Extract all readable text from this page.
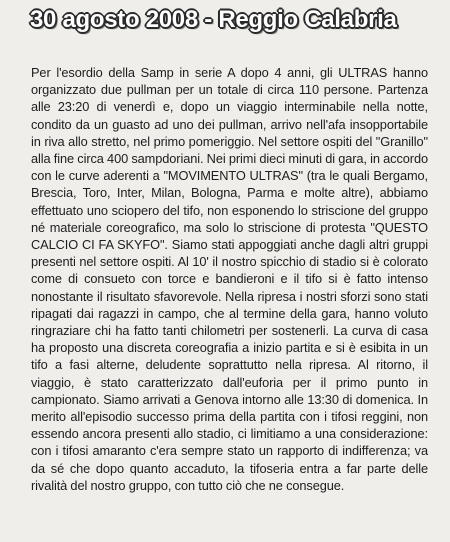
30 agosto 2008 - Reggio Calabria

Per l'esordio della Samp in serie A dopo 4 anni, gli ULTRAS hanno organizzato due pullman per un totale di circa 110 persone. Partenza alle 23:20 di venerdì e, dopo un viaggio interminabile nella notte, condito da un guasto ad uno dei pullman, arrivo nell'afa insopportabile in riva allo stretto, nel primo pomeriggio. Nel settore ospiti del "Granillo" alla fine circa 400 sampdoriani. Nei primi dieci minuti di gara, in accordo con le curve aderenti a "MOVIMENTO ULTRAS" (tra le quali Bergamo, Brescia, Toro, Inter, Milan, Bologna, Parma e molte altre), abbiamo effettuato uno sciopero del tifo, non esponendo lo striscione del gruppo né materiale coreografico, ma solo lo striscione di protesta "QUESTO CALCIO CI FA SKYFO". Siamo stati appoggiati anche dagli altri gruppi presenti nel settore ospiti. Al 10' il nostro spicchio di stadio si è colorato come di consueto con torce e bandieroni e il tifo si è fatto intenso nonostante il risultato sfavorevole. Nella ripresa i nostri sforzi sono stati ripagati dai ragazzi in campo, che al termine della gara, hanno voluto ringraziare chi ha fatto tanti chilometri per sostenerli. La curva di casa ha proposto una discreta coreografia a inizio partita e si è esibita in un tifo a fasi alterne, deludente soprattutto nella ripresa. Al ritorno, il viaggio, è stato caratterizzato dall'euforia per il primo punto in campionato. Siamo arrivati a Genova intorno alle 13:30 di domenica. In merito all'episodio successo prima della partita con i tifosi reggini, non essendo ancora presenti allo stadio, ci limitiamo a una considerazione: con i tifosi amaranto c'era sempre stato un rapporto di indifferenza; va da sé che dopo quanto accaduto, la tifoseria entra a far parte delle rivalità del nostro gruppo, con tutto ciò che ne consegue.
